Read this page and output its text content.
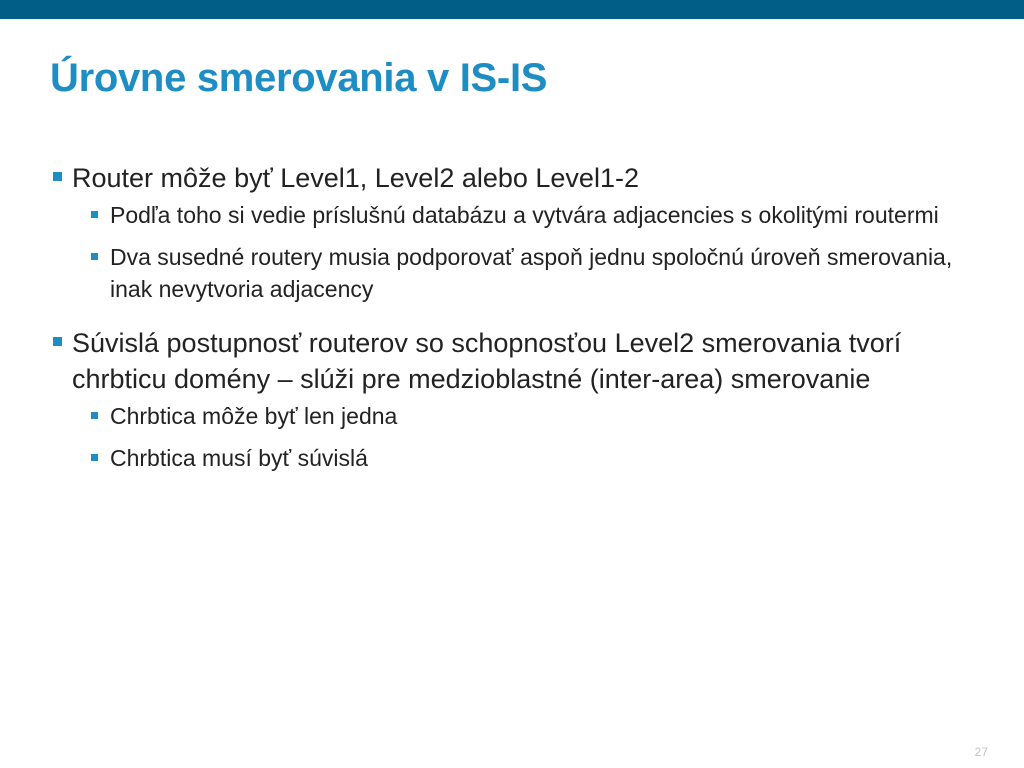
Úrovne smerovania v IS-IS
Router môže byť Level1, Level2 alebo Level1-2
Podľa toho si vedie príslušnú databázu a vytvára adjacencies s okolitými routermi
Dva susedné routery musia podporovať aspoň jednu spoločnú úroveň smerovania, inak nevytvoria adjacency
Súvislá postupnosť routerov so schopnosťou Level2 smerovania tvorí chrbticu domény – slúži pre medzioblastné (inter-area) smerovanie
Chrbtica môže byť len jedna
Chrbtica musí byť súvislá
27
